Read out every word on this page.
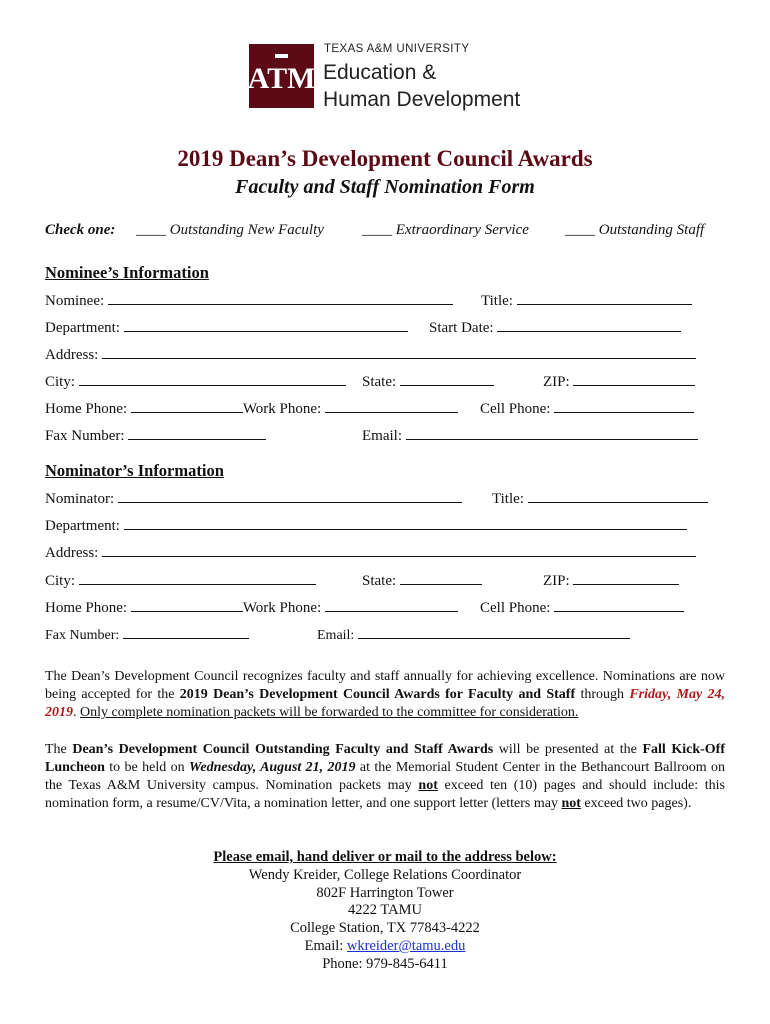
ATM
TEXAS A&M UNIVERSITY
Education &
Human Development
2019 Dean’s Development Council Awards
Faculty and Staff Nomination Form
Check one: ____ Outstanding New Faculty	____ Extraordinary Service ____ Outstanding Staff
Nominee’s Information
Nominee:	Title:
Department:	Start Date:
Address:
City:	State:	ZIP:
Home Phone:	Work Phone:	Cell Phone:
Fax Number:	Email:
Nominator’s Information
Nominator:	Title:
Department:
Address:
City:	State:	ZIP:
Home Phone:	Work Phone:	Cell Phone:
Fax Number:	Email:
The Dean’s Development Council recognizes faculty and staff annually for achieving excellence. Nominations are now being accepted for the 2019 Dean’s Development Council Awards for Faculty and Staff through Friday, May 24, 2019. Only complete nomination packets will be forwarded to the committee for consideration.
The Dean’s Development Council Outstanding Faculty and Staff Awards will be presented at the Fall Kick-Off Luncheon to be held on Wednesday, August 21, 2019 at the Memorial Student Center in the Bethancourt Ballroom on the Texas A&M University campus. Nomination packets may not exceed ten (10) pages and should include: this nomination form, a resume/CV/Vita, a nomination letter, and one support letter (letters may not exceed two pages).
Please email, hand deliver or mail to the address below:
Wendy Kreider, College Relations Coordinator
802F Harrington Tower
4222 TAMU
College Station, TX 77843-4222
Email: wkreider@tamu.edu
Phone: 979-845-6411
